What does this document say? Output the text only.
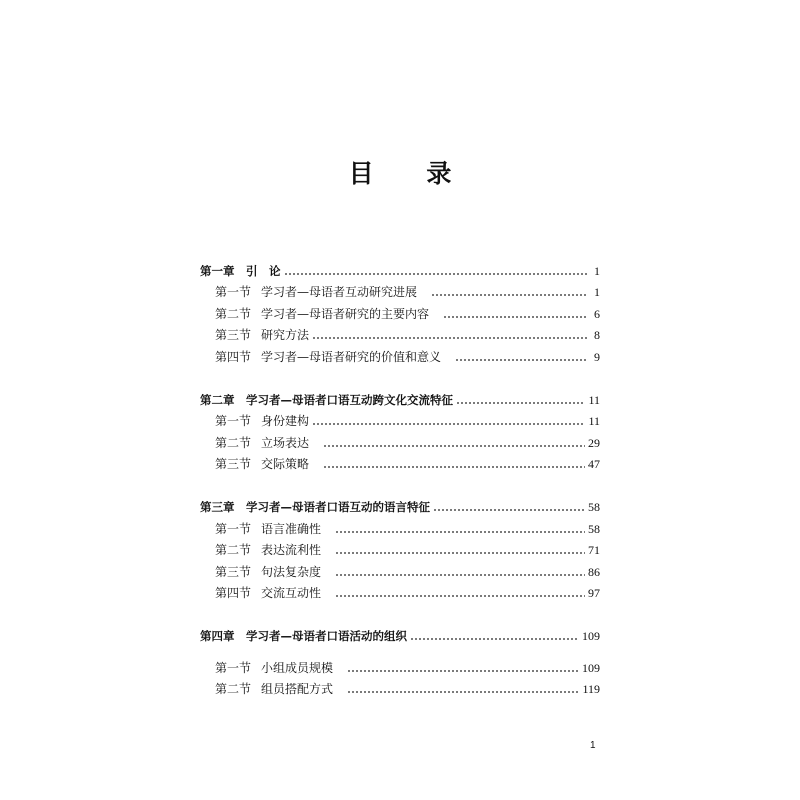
目 录
第一章	引　论	1
第一节 学习者—母语者互动研究进展	1
第二节 学习者—母语者研究的主要内容	6
第三节 研究方法	8
第四节 学习者—母语者研究的价值和意义	9
第二章	学习者—母语者口语互动跨文化交流特征	11
第一节 身份建构	11
第二节 立场表达	29
第三节 交际策略	47
第三章	学习者—母语者口语互动的语言特征	58
第一节 语言准确性	58
第二节 表达流利性	71
第三节 句法复杂度	86
第四节 交流互动性	97
第四章	学习者—母语者口语活动的组织	109
第一节 小组成员规模	109
第二节 组员搭配方式	119
1
